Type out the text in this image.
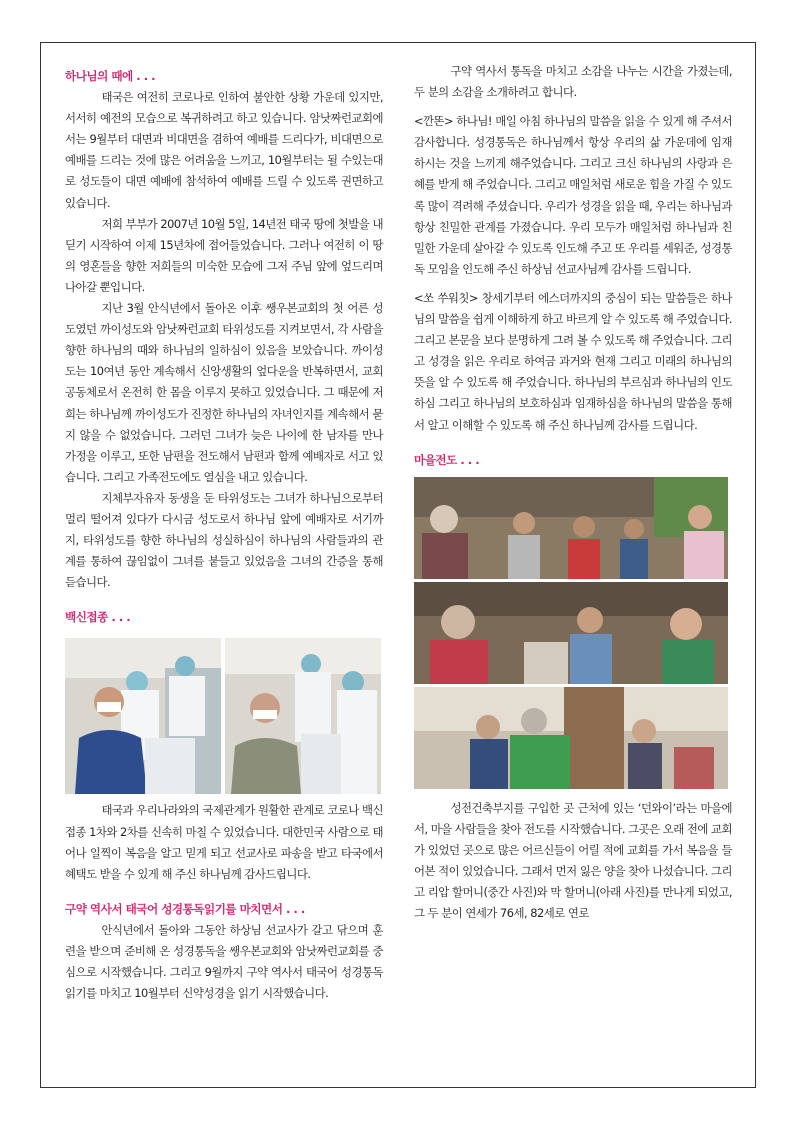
하나님의 때에 . . .

태국은 여전히 코로나로 인하여 불안한 상황 가운데 있지만, 서서히 예전의 모습으로 복귀하려고 하고 있습니다. 암낫짜런교회에서는 9월부터 대면과 비대면을 겸하여 예배를 드리다가, 비대면으로 예배를 드리는 것에 많은 어려움을 느끼고, 10월부터는 될 수있는대로 성도들이 대면 예배에 참석하여 예배를 드릴 수 있도록 권면하고 있습니다.

저희 부부가 2007년 10월 5일, 14년전 태국 땅에 첫발을 내딛기 시작하여 이제 15년차에 접어들었습니다. 그러나 여전히 이 땅의 영혼들을 향한 저희들의 미숙한 모습에 그저 주님 앞에 엎드리며 나아갈 뿐입니다.

지난 3월 안식년에서 돌아온 이후 쌩우본교회의 첫 어른 성도였던 까이성도와 암낫짜런교회 타위성도를 지켜보면서, 각 사람을 향한 하나님의 때와 하나님의 일하심이 있음을 보았습니다. 까이성도는 10여년 동안 계속해서 신앙생활의 엎다운을 반복하면서, 교회공동체로서 온전히 한 몸을 이루지 못하고 있었습니다. 그 때문에 저희는 하나님께 까이성도가 진정한 하나님의 자녀인지를 계속해서 묻지 않을 수 없었습니다. 그러던 그녀가 늦은 나이에 한 남자를 만나 가정을 이루고, 또한 남편을 전도해서 남편과 함께 예배자로 서고 있습니다. 그리고 가족전도에도 열심을 내고 있습니다.

지체부자유자 동생을 둔 타위성도는 그녀가 하나님으로부터 멀리 떨어져 있다가 다시금 성도로서 하나님 앞에 예배자로 서기까지, 타위성도를 향한 하나님의 성실하심이 하나님의 사람들과의 관계를 통하여 끊임없이 그녀를 붙들고 있었음을 그녀의 간증을 통해 듣습니다.

백신접종 . . .

태국과 우리나라와의 국제관계가 원활한 관계로 코로나 백신접종 1차와 2차를 신속히 마칠 수 있었습니다. 대한민국 사람으로 태어나 일찍이 복음을 알고 믿게 되고 선교사로 파송을 받고 타국에서 혜택도 받을 수 있게 해 주신 하나님께 감사드립니다.

구약 역사서 태국어 성경통독읽기를 마치면서 . . .

안식년에서 돌아와 그동안 하상님 선교사가 갈고 닦으며 훈련을 받으며 준비해 온 성경통독을 쌩우본교회와 암낫짜런교회를 중심으로 시작했습니다. 그리고 9월까지 구약 역사서 태국어 성경통독읽기를 마치고 10월부터 신약성경을 읽기 시작했습니다.

구약 역사서 통독을 마치고 소감을 나누는 시간을 가졌는데, 두 분의 소감을 소개하려고 합니다.

<깐똔> 하나님! 매일 아침 하나님의 말씀을 읽을 수 있게 해 주셔서 감사합니다. 성경통독은 하나님께서 항상 우리의 삶 가운데에 임재하시는 것을 느끼게 해주었습니다. 그리고 크신 하나님의 사랑과 은혜를 받게 해 주었습니다. 그리고 매일처럼 새로운 힘을 가질 수 있도록 많이 격려해 주셨습니다. 우리가 성경을 읽을 때, 우리는 하나님과 항상 친밀한 관계를 가졌습니다. 우리 모두가 매일처럼 하나님과 친밀한 가운데 살아갈 수 있도록 인도해 주고 또 우리를 세워준, 성경통독 모임을 인도해 주신 하상님 선교사님께 감사를 드립니다.

<쏘 쑤워칫> 창세기부터 에스더까지의 중심이 되는 말씀들은 하나님의 말씀을 쉽게 이해하게 하고 바르게 알 수 있도록 해 주었습니다. 그리고 본문을 보다 분명하게 그려 볼 수 있도록 해 주었습니다. 그리고 성경을 읽은 우리로 하여금 과거와 현재 그리고 미래의 하나님의 뜻을 알 수 있도록 해 주었습니다. 하나님의 부르심과 하나님의 인도하심 그리고 하나님의 보호하심과 임재하심을 하나님의 말씀을 통해서 알고 이해할 수 있도록 해 주신 하나님께 감사를 드립니다.

마을전도 . . .

성전건축부지를 구입한 곳 근처에 있는 ‘던와이’라는 마을에서, 마을 사람들을 찾아 전도를 시작했습니다. 그곳은 오래 전에 교회가 있었던 곳으로 많은 어르신들이 어릴 적에 교회를 가서 복음을 들어본 적이 있었습니다. 그래서 먼저 잃은 양을 찾아 나섰습니다. 그리고 리압 할머니(중간 사진)와 막 할머니(아래 사진)를 만나게 되었고, 그 두 분이 연세가 76세, 82세로 연로
